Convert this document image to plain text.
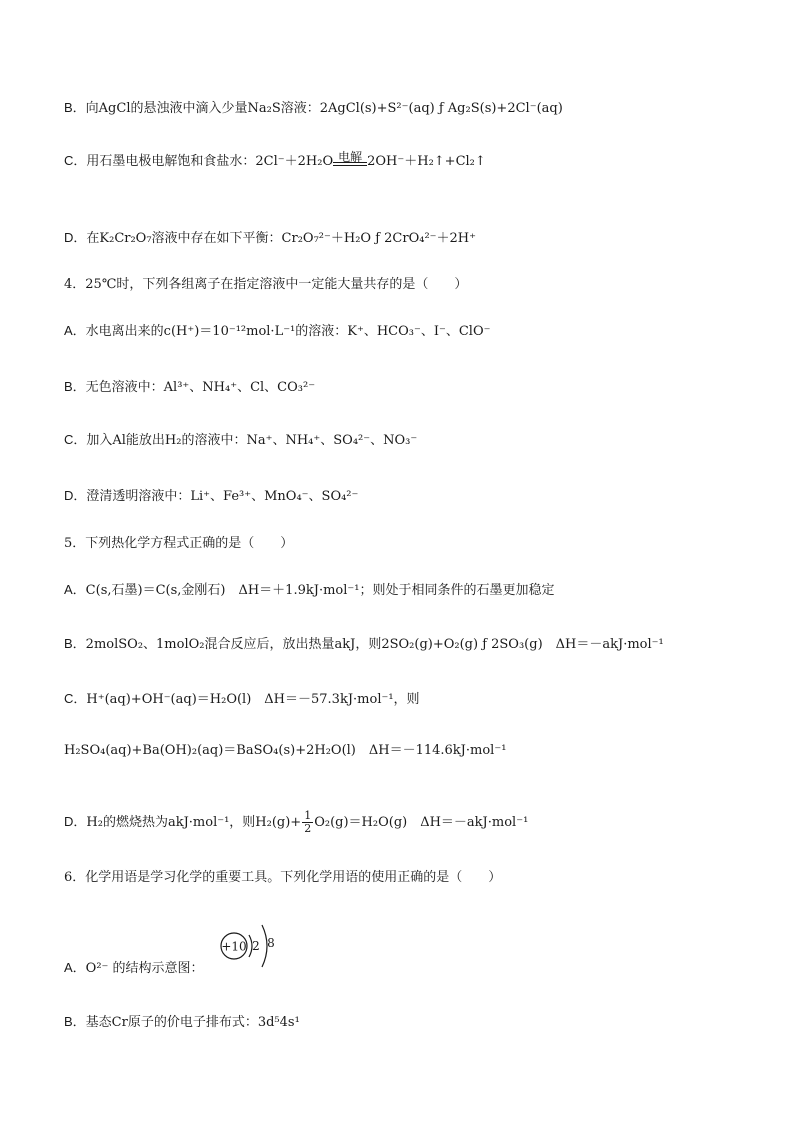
B．向AgCl的悬浊液中滴入少量Na₂S溶液：2AgCl(s)+S²⁻(aq) ƒ Ag₂S(s)+2Cl⁻(aq)
C．用石墨电极电解饱和食盐水：2Cl⁻＋2H₂O 电解 2OH⁻＋H₂↑+Cl₂↑
D．在K₂Cr₂O₇溶液中存在如下平衡：Cr₂O₇²⁻＋H₂O ƒ 2CrO₄²⁻＋2H⁺
4．25℃时，下列各组离子在指定溶液中一定能大量共存的是（　　）
A．水电离出来的c(H⁺)＝10⁻¹²mol·L⁻¹的溶液：K⁺、HCO₃⁻、I⁻、ClO⁻
B．无色溶液中：Al³⁺、NH₄⁺、Cl、CO₃²⁻
C．加入Al能放出H₂的溶液中：Na⁺、NH₄⁺、SO₄²⁻、NO₃⁻
D．澄清透明溶液中：Li⁺、Fe³⁺、MnO₄⁻、SO₄²⁻
5．下列热化学方程式正确的是（　　）
A．C(s,石墨)＝C(s,金刚石)　ΔH＝＋1.9kJ·mol⁻¹；则处于相同条件的石墨更加稳定
B．2molSO₂、1molO₂混合反应后，放出热量akJ，则2SO₂(g)+O₂(g) ƒ 2SO₃(g)　ΔH＝－akJ·mol⁻¹
C．H⁺(aq)+OH⁻(aq)＝H₂O(l)　ΔH＝－57.3kJ·mol⁻¹，则
H₂SO₄(aq)+Ba(OH)₂(aq)＝BaSO₄(s)+2H₂O(l)　ΔH＝－114.6kJ·mol⁻¹
D．H₂的燃烧热为akJ·mol⁻¹，则$H_2(g)+ \frac{1}{2} O_2(g)=H_2O(g)$　ΔH＝－akJ·mol⁻¹
6．化学用语是学习化学的重要工具。下列化学用语的使用正确的是（　　）
A．O²⁻ 的结构示意图：
+10 2 8
B．基态Cr原子的价电子排布式：3d⁵4s¹
